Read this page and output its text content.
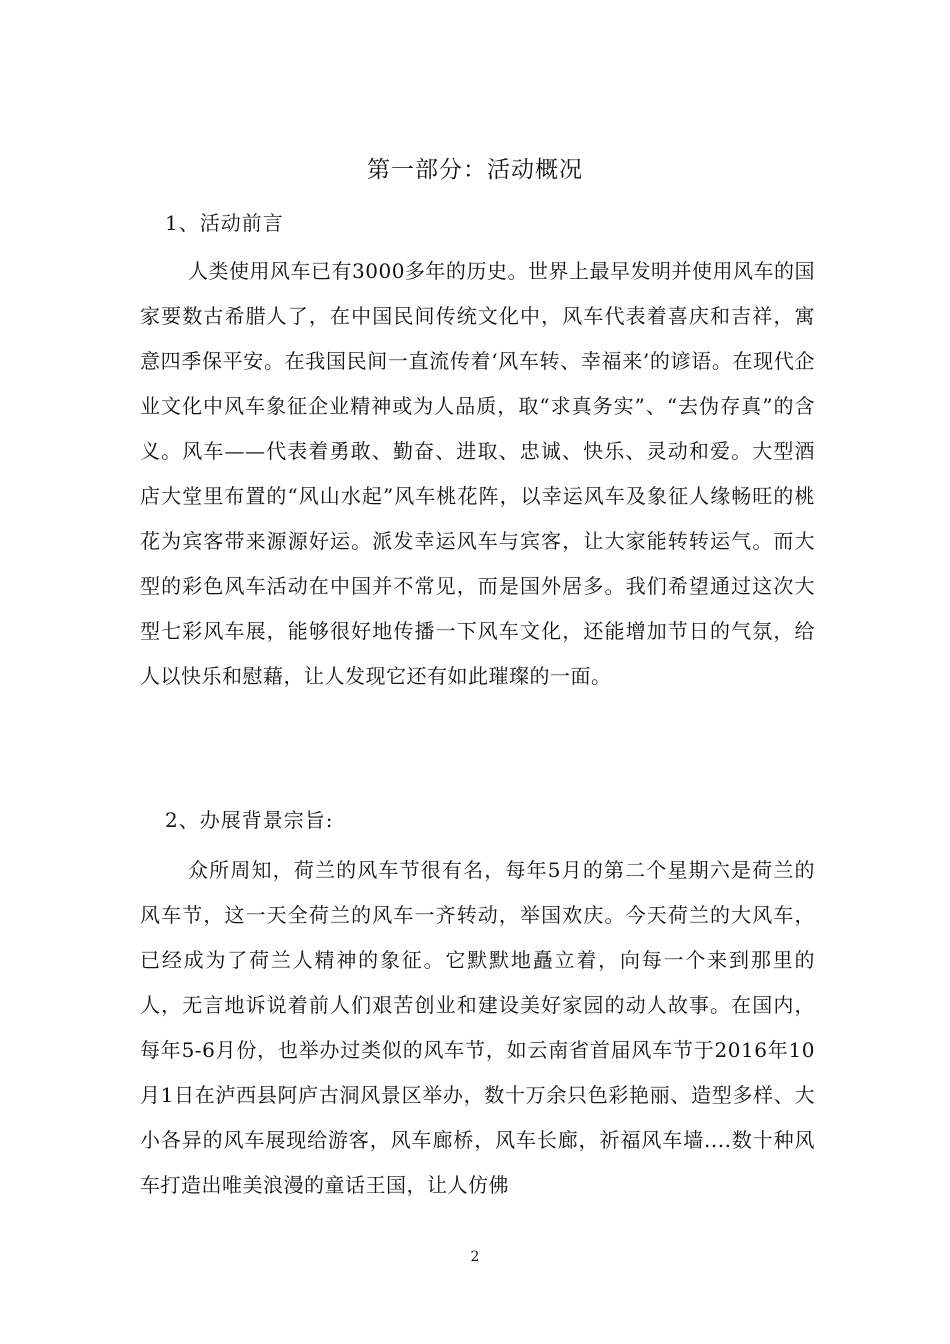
第一部分：活动概况
1、活动前言
人类使用风车已有3000多年的历史。世界上最早发明并使用风车的国家要数古希腊人了，在中国民间传统文化中，风车代表着喜庆和吉祥，寓意四季保平安。在我国民间一直流传着‘风车转、幸福来’的谚语。在现代企业文化中风车象征企业精神或为人品质，取“求真务实”、“去伪存真”的含义。风车——代表着勇敢、勤奋、进取、忠诚、快乐、灵动和爱。大型酒店大堂里布置的“风山水起”风车桃花阵，以幸运风车及象征人缘畅旺的桃花为宾客带来源源好运。派发幸运风车与宾客，让大家能转转运气。而大型的彩色风车活动在中国并不常见，而是国外居多。我们希望通过这次大型七彩风车展，能够很好地传播一下风车文化，还能增加节日的气氛，给人以快乐和慰藉，让人发现它还有如此璀璨的一面。
2、办展背景宗旨:
众所周知，荷兰的风车节很有名，每年5月的第二个星期六是荷兰的风车节，这一天全荷兰的风车一齐转动，举国欢庆。今天荷兰的大风车，已经成为了荷兰人精神的象征。它默默地矗立着，向每一个来到那里的人，无言地诉说着前人们艰苦创业和建设美好家园的动人故事。在国内，每年5-6月份，也举办过类似的风车节，如云南省首届风车节于2016年10月1日在泸西县阿庐古洞风景区举办，数十万余只色彩艳丽、造型多样、大小各异的风车展现给游客，风车廊桥，风车长廊，祈福风车墙....数十种风车打造出唯美浪漫的童话王国，让人仿佛
2
